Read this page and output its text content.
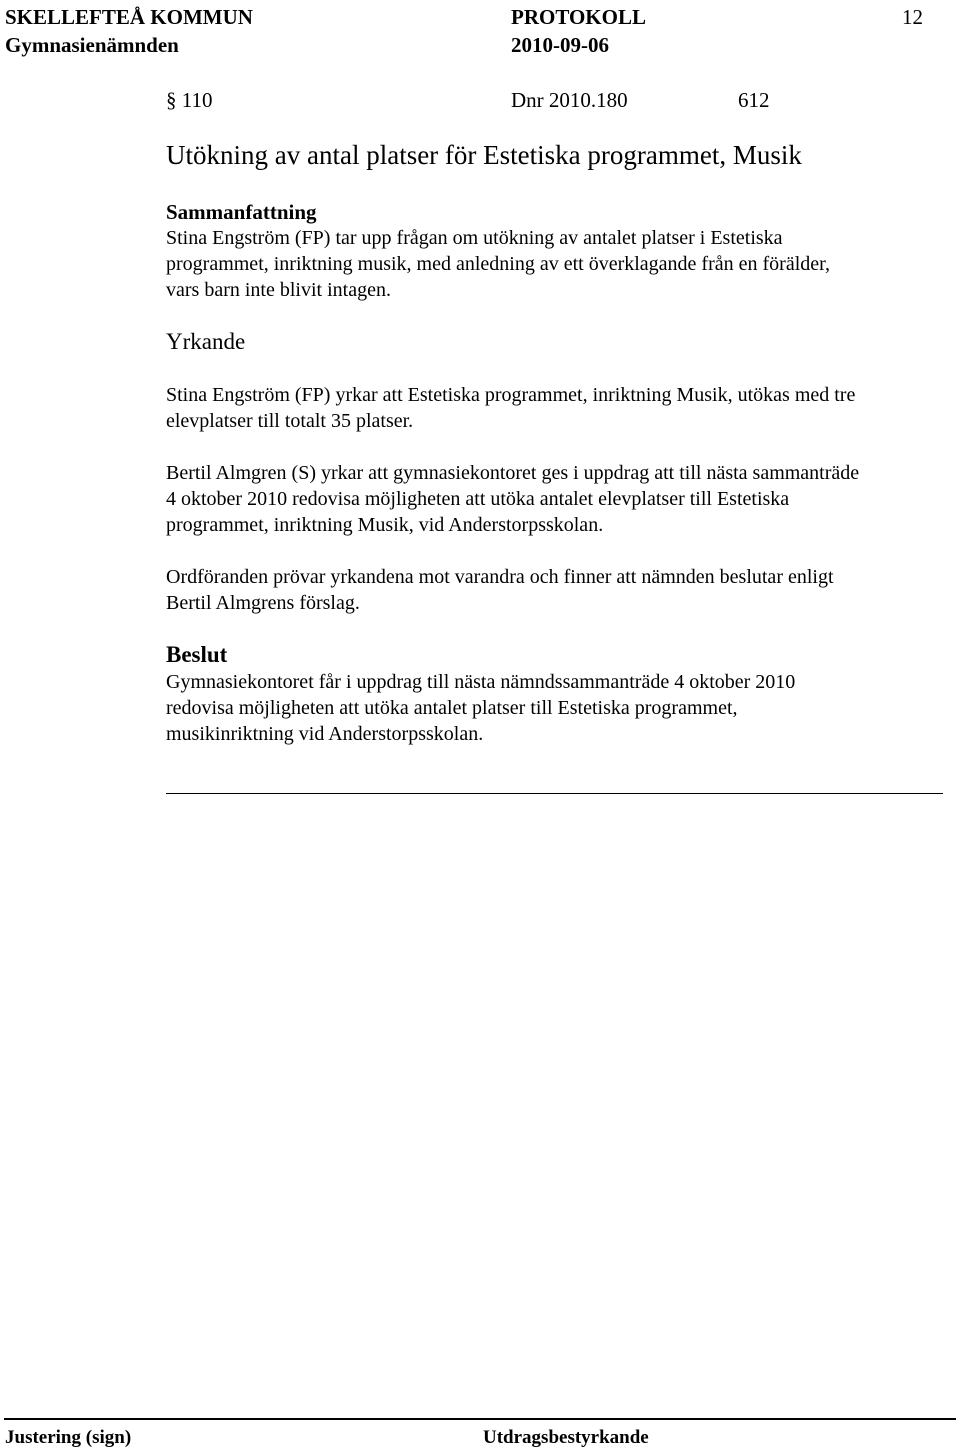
SKELLEFTEÅ KOMMUN
Gymnasienämnden
PROTOKOLL
2010-09-06
12
§ 110	Dnr 2010.180	612
Utökning av antal platser för Estetiska programmet, Musik
Sammanfattning
Stina Engström (FP) tar upp frågan om utökning av antalet platser i Estetiska
programmet, inriktning musik, med anledning av ett överklagande från en förälder,
vars barn inte blivit intagen.
Yrkande
Stina Engström (FP) yrkar att Estetiska programmet, inriktning Musik, utökas med tre
elevplatser till totalt 35 platser.
Bertil Almgren (S) yrkar att gymnasiekontoret ges i uppdrag att till nästa sammanträde
4 oktober 2010 redovisa möjligheten att utöka antalet elevplatser till Estetiska
programmet, inriktning Musik, vid Anderstorpsskolan.
Ordföranden prövar yrkandena mot varandra och finner att nämnden beslutar enligt
Bertil Almgrens förslag.
Beslut
Gymnasiekontoret får i uppdrag till nästa nämndssammanträde 4 oktober 2010
redovisa möjligheten att utöka antalet platser till Estetiska programmet,
musikinriktning vid Anderstorpsskolan.
Justering (sign)	Utdragsbestyrkande
